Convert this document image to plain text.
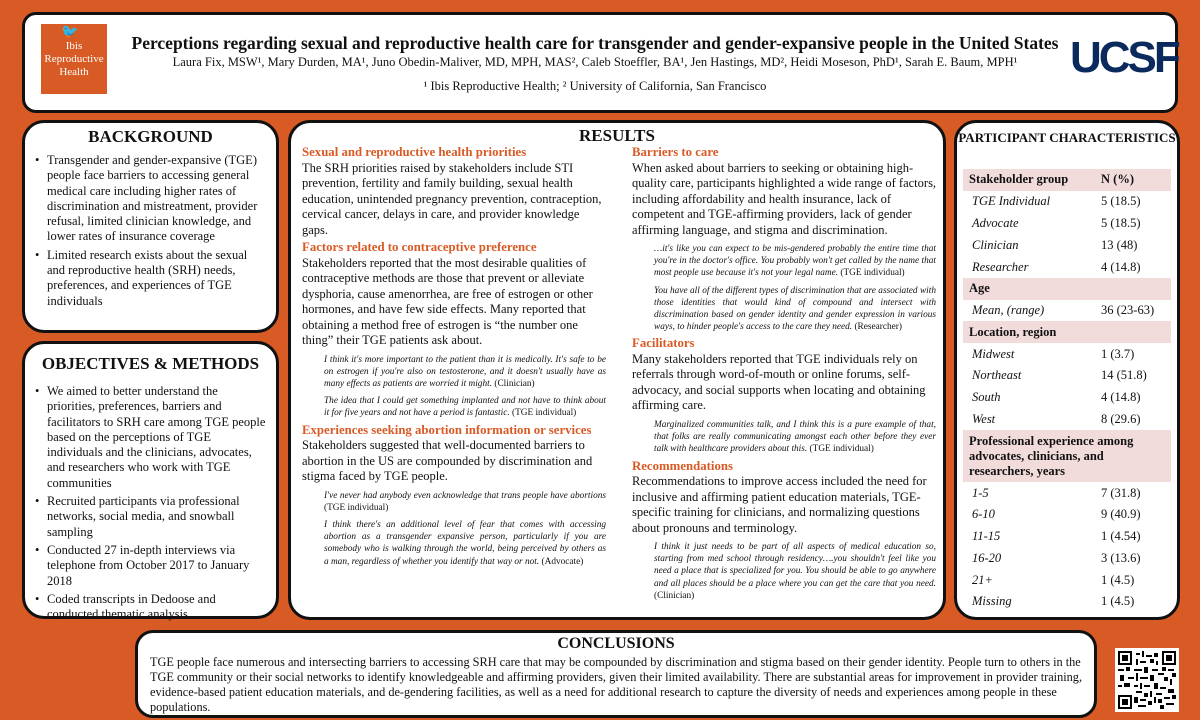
🐦
Ibis Reproductive Health
Perceptions regarding sexual and reproductive health care for transgender and gender-expansive people in the United States
Laura Fix, MSW¹, Mary Durden, MA¹, Juno Obedin-Maliver, MD, MPH, MAS², Caleb Stoeffler, BA¹, Jen Hastings, MD², Heidi Moseson, PhD¹, Sarah E. Baum, MPH¹
¹ Ibis Reproductive Health; ² University of California, San Francisco
UCSF
BACKGROUND
• Transgender and gender-expansive (TGE) people face barriers to accessing general medical care including higher rates of discrimination and mistreatment, provider refusal, limited clinician knowledge, and lower rates of insurance coverage
• Limited research exists about the sexual and reproductive health (SRH) needs, preferences, and experiences of TGE individuals
OBJECTIVES & METHODS
• We aimed to better understand the priorities, preferences, barriers and facilitators to SRH care among TGE people based on the perceptions of TGE individuals and the clinicians, advocates, and researchers who work with TGE communities
• Recruited participants via professional networks, social media, and snowball sampling
• Conducted 27 in-depth interviews via telephone from October 2017 to January 2018
• Coded transcripts in Dedoose and conducted thematic analysis
RESULTS
Sexual and reproductive health priorities

The SRH priorities raised by stakeholders include STI prevention, fertility and family building, sexual health education, unintended pregnancy prevention, contraception, cervical cancer, delays in care, and provider knowledge gaps.

Factors related to contraceptive preference

Stakeholders reported that the most desirable qualities of contraceptive methods are those that prevent or alleviate dysphoria, cause amenorrhea, are free of estrogen or other hormones, and have few side effects. Many reported that obtaining a method free of estrogen is “the number one thing” their TGE patients ask about.

I think it's more important to the patient than it is medically. It's safe to be on estrogen if you're also on testosterone, and it doesn't usually have as many effects as patients are worried it might. (Clinician)
The idea that I could get something implanted and not have to think about it for five years and not have a period is fantastic. (TGE individual)
Experiences seeking abortion information or services

Stakeholders suggested that well-documented barriers to abortion in the US are compounded by discrimination and stigma faced by TGE people.

I've never had anybody even acknowledge that trans people have abortions (TGE individual)
I think there's an additional level of fear that comes with accessing abortion as a transgender expansive person, particularly if you are somebody who is walking through the world, being perceived by others as a man, regardless of whether you identify that way or not. (Advocate)
Barriers to care

When asked about barriers to seeking or obtaining high-quality care, participants highlighted a wide range of factors, including affordability and health insurance, lack of competent and TGE-affirming providers, lack of gender affirming language, and stigma and discrimination.

…it's like you can expect to be mis-gendered probably the entire time that you're in the doctor's office. You probably won't get called by the name that most people use because it's not your legal name. (TGE individual)
You have all of the different types of discrimination that are associated with those identities that would kind of compound and intersect with discrimination based on gender identity and gender expression in various ways, to hinder people's access to the care they need. (Researcher)
Facilitators

Many stakeholders reported that TGE individuals rely on referrals through word-of-mouth or online forums, self-advocacy, and social supports when locating and obtaining affirming care.

Marginalized communities talk, and I think this is a pure example of that, that folks are really communicating amongst each other before they ever talk with healthcare providers about this. (TGE individual)
Recommendations

Recommendations to improve access included the need for inclusive and affirming patient education materials, TGE-specific training for clinicians, and normalizing questions about pronouns and terminology.

I think it just needs to be part of all aspects of medical education so, starting from med school through residency….you shouldn't feel like you need a place that is specialized for you. You should be able to go anywhere and all places should be a place where you can get the care that you need. (Clinician)
PARTICIPANT CHARACTERISTICS
Stakeholder group	N (%)
TGE Individual	5 (18.5)
Advocate	5 (18.5)
Clinician	13 (48)
Researcher	4 (14.8)
Age	
Mean, (range)	36 (23-63)
Location, region	
Midwest	1 (3.7)
Northeast	14 (51.8)
South	4 (14.8)
West	8 (29.6)
Professional experience among advocates, clinicians, and researchers, years	
1-5	7 (31.8)
6-10	9 (40.9)
11-15	1 (4.54)
16-20	3 (13.6)
21+	1 (4.5)
Missing	1 (4.5)
CONCLUSIONS
TGE people face numerous and intersecting barriers to accessing SRH care that may be compounded by discrimination and stigma based on their gender identity. People turn to others in the TGE community or their social networks to identify knowledgeable and affirming providers, given their limited availability. There are substantial areas for improvement in provider training, evidence-based patient education materials, and de-gendering facilities, as well as a need for additional research to capture the diversity of needs and experiences among people in these populations.
